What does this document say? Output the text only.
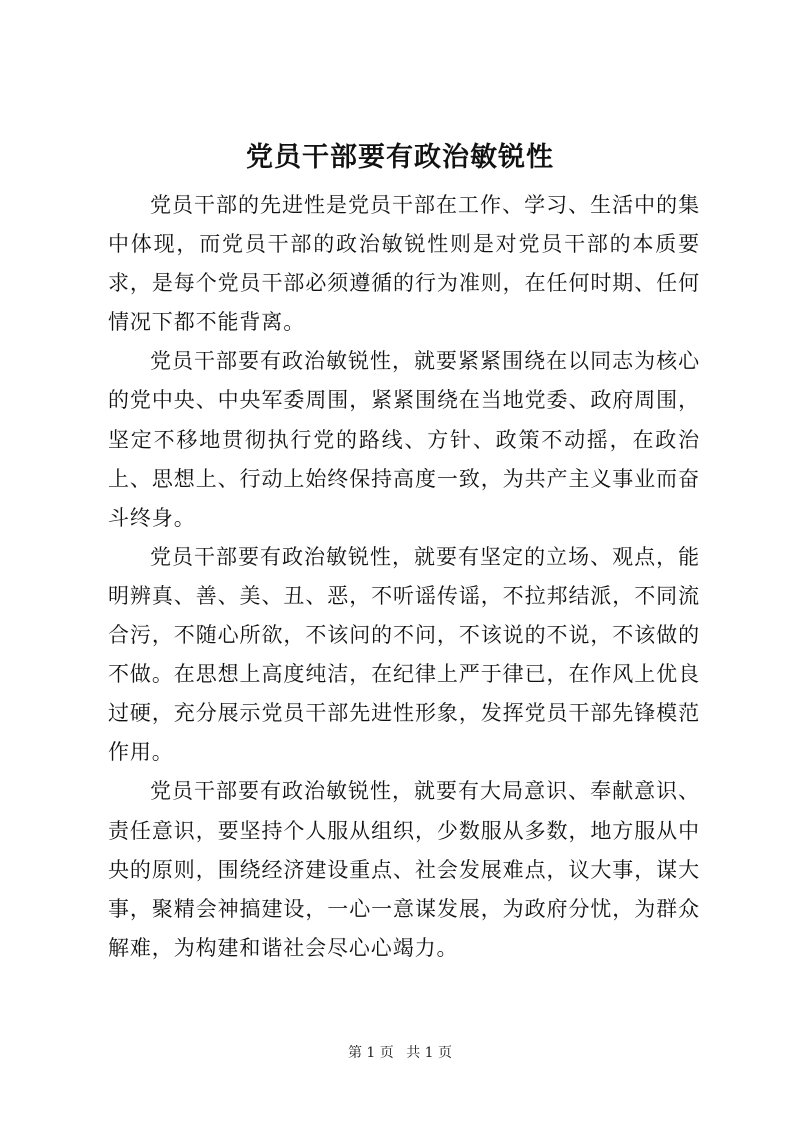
党员干部要有政治敏锐性

党员干部的先进性是党员干部在工作、学习、生活中的集中体现，而党员干部的政治敏锐性则是对党员干部的本质要求，是每个党员干部必须遵循的行为准则，在任何时期、任何情况下都不能背离。

党员干部要有政治敏锐性，就要紧紧围绕在以同志为核心的党中央、中央军委周围，紧紧围绕在当地党委、政府周围，坚定不移地贯彻执行党的路线、方针、政策不动摇，在政治上、思想上、行动上始终保持高度一致，为共产主义事业而奋斗终身。

党员干部要有政治敏锐性，就要有坚定的立场、观点，能明辨真、善、美、丑、恶，不听谣传谣，不拉邦结派，不同流合污，不随心所欲，不该问的不问，不该说的不说，不该做的不做。在思想上高度纯洁，在纪律上严于律已，在作风上优良过硬，充分展示党员干部先进性形象，发挥党员干部先锋模范作用。

党员干部要有政治敏锐性，就要有大局意识、奉献意识、责任意识，要坚持个人服从组织，少数服从多数，地方服从中央的原则，围绕经济建设重点、社会发展难点，议大事，谋大事，聚精会神搞建设，一心一意谋发展，为政府分忧，为群众解难，为构建和谐社会尽心心竭力。

第 1 页 共 1 页
